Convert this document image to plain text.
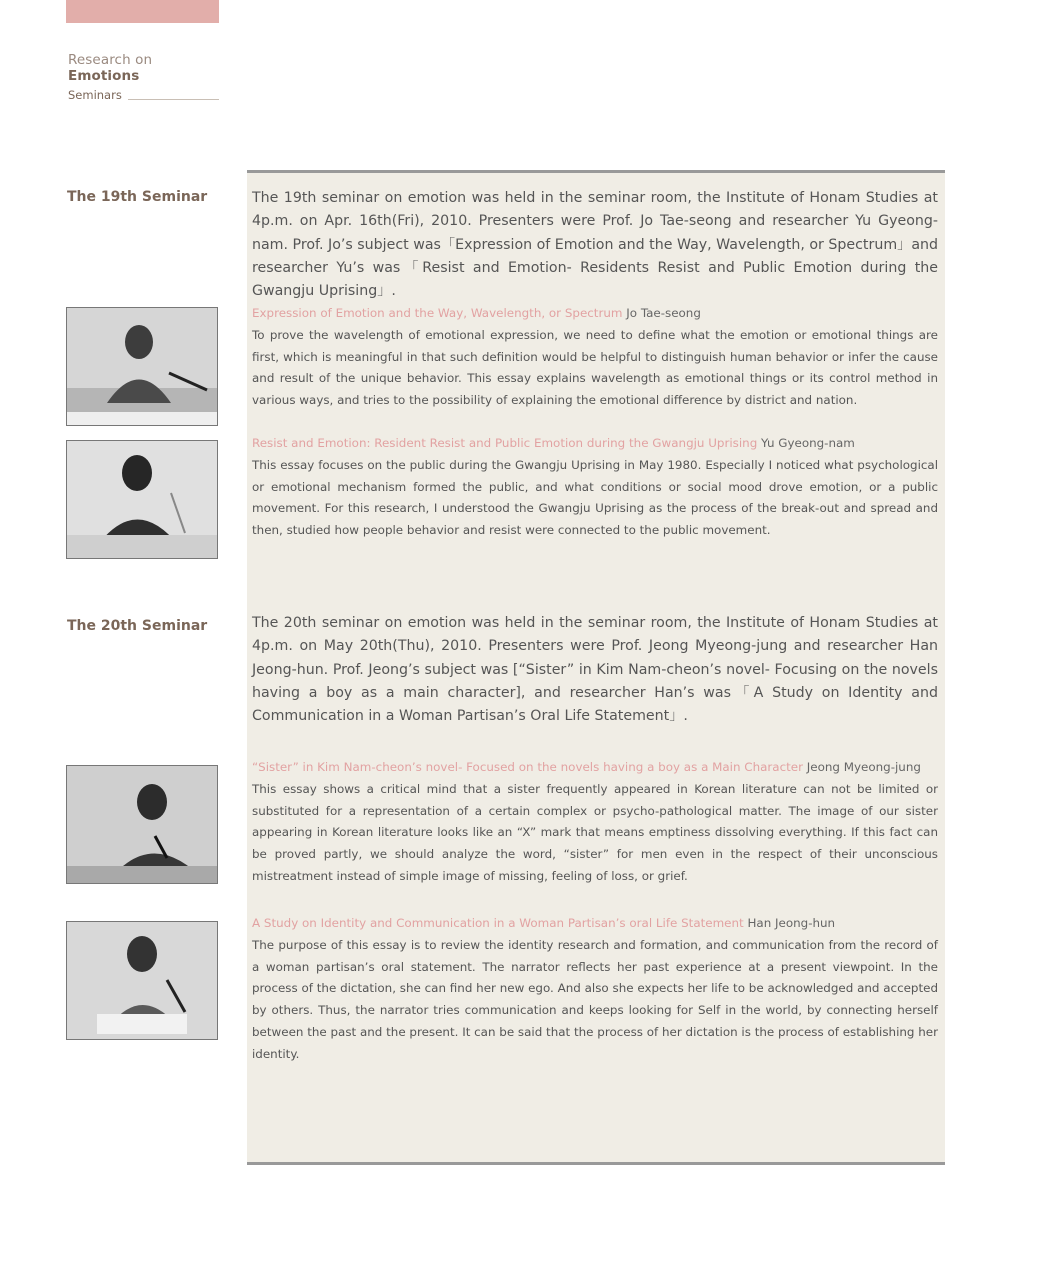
Research on Emotions
Seminars
The 19th Seminar	The 19th seminar on emotion was held in the seminar room, the Institute of Honam Studies at 4p.m. on Apr. 16th(Fri), 2010. Presenters were Prof. Jo Tae-seong and researcher Yu Gyeong-nam. Prof. Jo’s subject was「Expression of Emotion and the Way, Wavelength, or Spectrum」and researcher Yu’s was「Resist and Emotion- Residents Resist and Public Emotion during the Gwangju Uprising」.
Expression of Emotion and the Way, Wavelength, or Spectrum Jo Tae-seong
To prove the wavelength of emotional expression, we need to define what the emotion or emotional things are first, which is meaningful in that such definition would be helpful to distinguish human behavior or infer the cause and result of the unique behavior. This essay explains wavelength as emotional things or its control method in various ways, and tries to the possibility of explaining the emotional difference by district and nation.
Resist and Emotion: Resident Resist and Public Emotion during the Gwangju Uprising Yu Gyeong-nam
This essay focuses on the public during the Gwangju Uprising in May 1980. Especially I noticed what psychological or emotional mechanism formed the public, and what conditions or social mood drove emotion, or a public movement. For this research, I understood the Gwangju Uprising as the process of the break-out and spread and then, studied how people behavior and resist were connected to the public movement.
The 20th Seminar	The 20th seminar on emotion was held in the seminar room, the Institute of Honam Studies at 4p.m. on May 20th(Thu), 2010. Presenters were Prof. Jeong Myeong-jung and researcher Han Jeong-hun. Prof. Jeong’s subject was [“Sister” in Kim Nam-cheon’s novel- Focusing on the novels having a boy as a main character], and researcher Han’s was「A Study on Identity and Communication in a Woman Partisan’s Oral Life Statement」.
“Sister” in Kim Nam-cheon’s novel- Focused on the novels having a boy as a Main Character Jeong Myeong-jung
This essay shows a critical mind that a sister frequently appeared in Korean literature can not be limited or substituted for a representation of a certain complex or psycho-pathological matter. The image of our sister appearing in Korean literature looks like an “X” mark that means emptiness dissolving everything. If this fact can be proved partly, we should analyze the word, “sister” for men even in the respect of their unconscious mistreatment instead of simple image of missing, feeling of loss, or grief.
A Study on Identity and Communication in a Woman Partisan’s oral Life Statement Han Jeong-hun
The purpose of this essay is to review the identity research and formation, and communication from the record of a woman partisan’s oral statement. The narrator reflects her past experience at a present viewpoint. In the process of the dictation, she can find her new ego. And also she expects her life to be acknowledged and accepted by others. Thus, the narrator tries communication and keeps looking for Self in the world, by connecting herself between the past and the present. It can be said that the process of her dictation is the process of establishing her identity.
